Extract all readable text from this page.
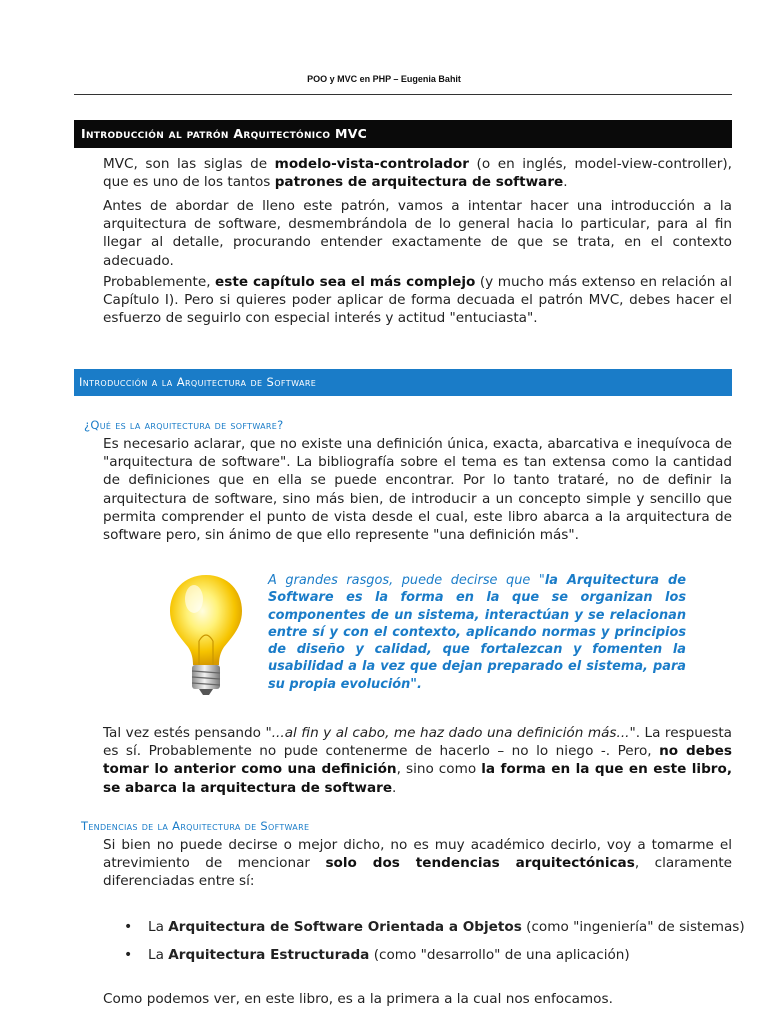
POO y MVC en PHP – Eugenia Bahit
Introducción al patrón Arquitectónico MVC

MVC, son las siglas de modelo-vista-controlador (o en inglés, model-view-controller), que es uno de los tantos patrones de arquitectura de software.

Antes de abordar de lleno este patrón, vamos a intentar hacer una introducción a la arquitectura de software, desmembrándola de lo general hacia lo particular, para al fin llegar al detalle, procurando entender exactamente de que se trata, en el contexto adecuado.

Probablemente, este capítulo sea el más complejo (y mucho más extenso en relación al Capítulo I). Pero si quieres poder aplicar de forma decuada el patrón MVC, debes hacer el esfuerzo de seguirlo con especial interés y actitud "entuciasta".

Introducción a la Arquitectura de Software
¿Qué es la arquitectura de software?

Es necesario aclarar, que no existe una definición única, exacta, abarcativa e inequívoca de "arquitectura de software". La bibliografía sobre el tema es tan extensa como la cantidad de definiciones que en ella se puede encontrar. Por lo tanto trataré, no de definir la arquitectura de software, sino más bien, de introducir a un concepto simple y sencillo que permita comprender el punto de vista desde el cual, este libro abarca a la arquitectura de software pero, sin ánimo de que ello represente "una definición más".

A grandes rasgos, puede decirse que "la Arquitectura de Software es la forma en la que se organizan los componentes de un sistema, interactúan y se relacionan entre sí y con el contexto, aplicando normas y principios de diseño y calidad, que fortalezcan y fomenten la usabilidad a la vez que dejan preparado el sistema, para su propia evolución".

Tal vez estés pensando "...al fin y al cabo, me haz dado una definición más...". La respuesta es sí. Probablemente no pude contenerme de hacerlo – no lo niego -. Pero, no debes tomar lo anterior como una definición, sino como la forma en la que en este libro, se abarca la arquitectura de software.

Tendencias de la Arquitectura de Software

Si bien no puede decirse o mejor dicho, no es muy académico decirlo, voy a tomarme el atrevimiento de mencionar solo dos tendencias arquitectónicas, claramente diferenciadas entre sí:

• La Arquitectura de Software Orientada a Objetos (como "ingeniería" de sistemas)
• La Arquitectura Estructurada (como "desarrollo" de una aplicación)

Como podemos ver, en este libro, es a la primera a la cual nos enfocamos.
